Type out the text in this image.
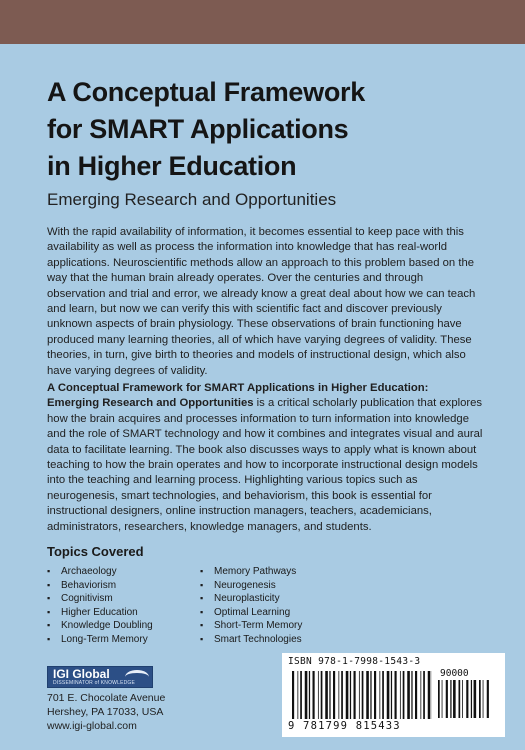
A Conceptual Framework
for SMART Applications
in Higher Education
Emerging Research and Opportunities

With the rapid availability of information, it becomes essential to keep pace with this availability as well as process the information into knowledge that has real-world applications. Neuroscientific methods allow an approach to this problem based on the way that the human brain already operates. Over the centuries and through observation and trial and error, we already know a great deal about how we can teach and learn, but now we can verify this with scientific fact and discover previously unknown aspects of brain physiology. These observations of brain functioning have produced many learning theories, all of which have varying degrees of validity. These theories, in turn, give birth to theories and models of instructional design, which also have varying degrees of validity.

A Conceptual Framework for SMART Applications in Higher Education: Emerging Research and Opportunities is a critical scholarly publication that explores how the brain acquires and processes information to turn information into knowledge and the role of SMART technology and how it combines and integrates visual and aural data to facilitate learning. The book also discusses ways to apply what is known about teaching to how the brain operates and how to incorporate instructional design models into the teaching and learning process. Highlighting various topics such as neurogenesis, smart technologies, and behaviorism, this book is essential for instructional designers, online instruction managers, teachers, academicians, administrators, researchers, knowledge managers, and students.

Topics Covered
▪ Archaeology
▪ Behaviorism
▪ Cognitivism
▪ Higher Education
▪ Knowledge Doubling
▪ Long-Term Memory
▪ Memory Pathways
▪ Neurogenesis
▪ Neuroplasticity
▪ Optimal Learning
▪ Short-Term Memory
▪ Smart Technologies
IGI Global
DISSEMINATOR of KNOWLEDGE
701 E. Chocolate Avenue
Hershey, PA 17033, USA
www.igi-global.com
ISBN 978-1-7998-1543-3
90000
9 781799 815433
